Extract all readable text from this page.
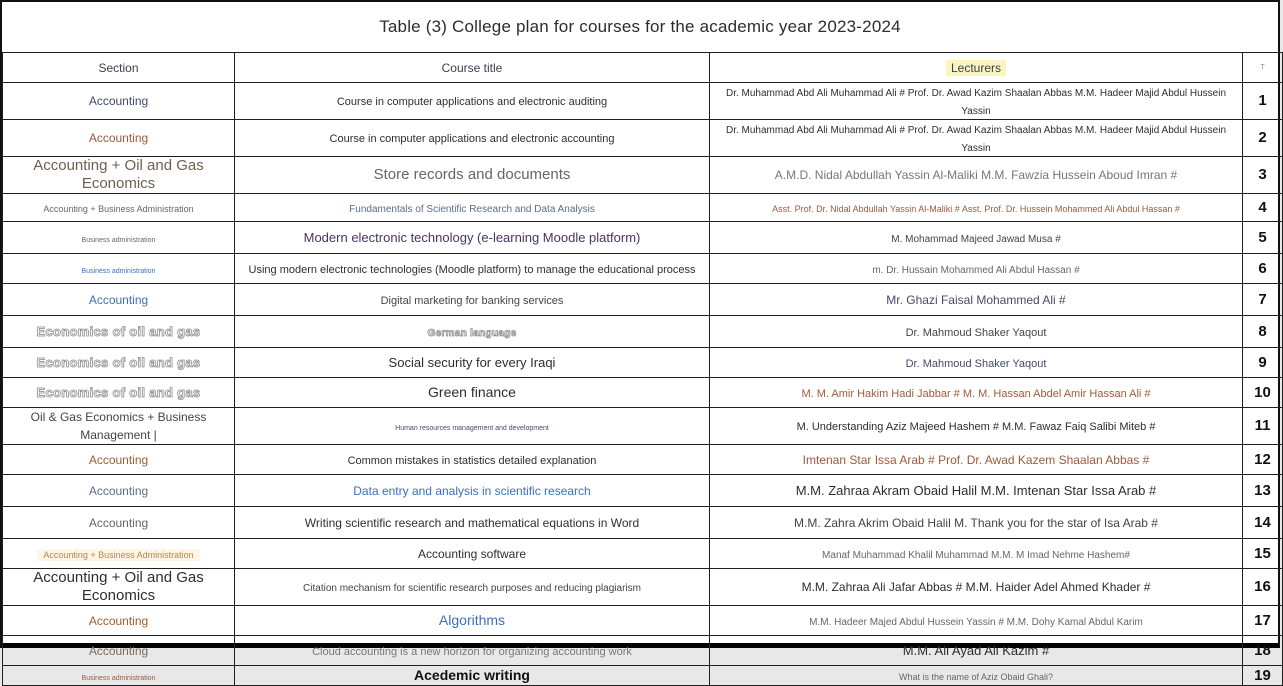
Table (3) College plan for courses for the academic year 2023-2024
Section	Course title	Lecturers	T
Accounting	Course in computer applications and electronic auditing	Dr. Muhammad Abd Ali Muhammad Ali # Prof. Dr. Awad Kazim Shaalan Abbas M.M. Hadeer Majid Abdul Hussein Yassin	1
Accounting	Course in computer applications and electronic accounting	Dr. Muhammad Abd Ali Muhammad Ali # Prof. Dr. Awad Kazim Shaalan Abbas M.M. Hadeer Majid Abdul Hussein Yassin	2
Accounting + Oil and Gas Economics	Store records and documents	A.M.D. Nidal Abdullah Yassin Al-Maliki M.M. Fawzia Hussein Aboud Imran #	3
Accounting + Business Administration	Fundamentals of Scientific Research and Data Analysis	Asst. Prof. Dr. Nidal Abdullah Yassin Al-Maliki # Asst. Prof. Dr. Hussein Mohammed Ali Abdul Hassan #	4
Business administration	Modern electronic technology (e-learning Moodle platform)	M. Mohammad Majeed Jawad Musa #	5
Business administration	Using modern electronic technologies (Moodle platform) to manage the educational process	m. Dr. Hussain Mohammed Ali Abdul Hassan #	6
Accounting	Digital marketing for banking services	Mr. Ghazi Faisal Mohammed Ali #	7
Economics of oil and gas	German language	Dr. Mahmoud Shaker Yaqout	8
Economics of oil and gas	Social security for every Iraqi	Dr. Mahmoud Shaker Yaqout	9
Economics of oil and gas	Green finance	M. M. Amir Hakim Hadi Jabbar # M. M. Hassan Abdel Amir Hassan Ali #	10
Oil & Gas Economics + Business Management |	Human resources management and development	M. Understanding Aziz Majeed Hashem # M.M. Fawaz Faiq Salibi Miteb #	11
Accounting	Common mistakes in statistics detailed explanation	Imtenan Star Issa Arab # Prof. Dr. Awad Kazem Shaalan Abbas #	12
Accounting	Data entry and analysis in scientific research	M.M. Zahraa Akram Obaid Halil M.M. Imtenan Star Issa Arab #	13
Accounting	Writing scientific research and mathematical equations in Word	M.M. Zahra Akrim Obaid Halil M. Thank you for the star of Isa Arab #	14
Accounting + Business Administration	Accounting software	Manaf Muhammad Khalil Muhammad M.M. M Imad Nehme Hashem#	15
Accounting + Oil and Gas Economics	Citation mechanism for scientific research purposes and reducing plagiarism	M.M. Zahraa Ali Jafar Abbas # M.M. Haider Adel Ahmed Khader #	16
Accounting	Algorithms	M.M. Hadeer Majed Abdul Hussein Yassin # M.M. Dohy Kamal Abdul Karim	17
Accounting	Cloud accounting is a new horizon for organizing accounting work	M.M. Ali Ayad Ali Kazim #	18
Business administration	Acedemic writing	What is the name of Aziz Obaid Ghali?	19
